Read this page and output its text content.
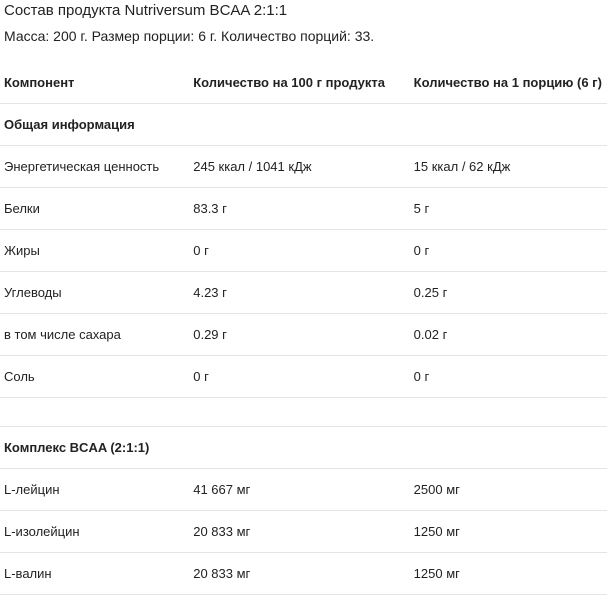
Состав продукта Nutriversum BCAA 2:1:1

Масса: 200 г. Размер порции: 6 г. Количество порций: 33.

Компонент	Количество на 100 г продукта	Количество на 1 порцию (6 г)
Общая информация		
Энергетическая ценность	245 ккал / 1041 кДж	15 ккал / 62 кДж
Белки	83.3 г	5 г
Жиры	0 г	0 г
Углеводы	4.23 г	0.25 г
в том числе сахара	0.29 г	0.02 г
Соль	0 г	0 г

Комплекс BCAA (2:1:1)		
L-лейцин	41 667 мг	2500 мг
L-изолейцин	20 833 мг	1250 мг
L-валин	20 833 мг	1250 мг
